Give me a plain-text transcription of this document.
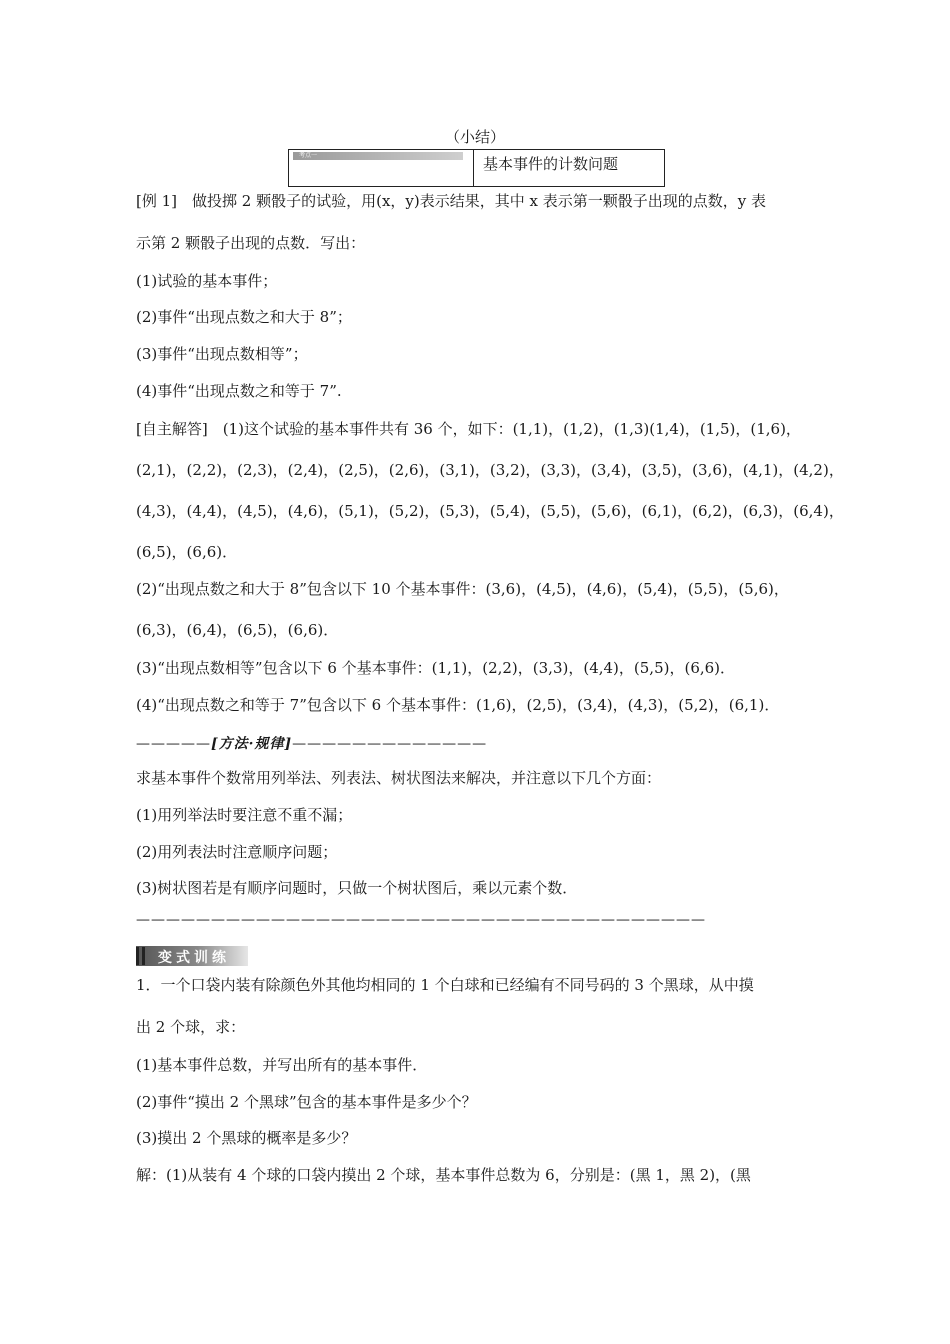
（小结）
考点一	基本事件的计数问题
[例 1]　做投掷 2 颗骰子的试验，用(x，y)表示结果，其中 x 表示第一颗骰子出现的点数，y 表
示第 2 颗骰子出现的点数．写出：
(1)试验的基本事件；
(2)事件“出现点数之和大于 8”；
(3)事件“出现点数相等”；
(4)事件“出现点数之和等于 7”.
[自主解答]　(1)这个试验的基本事件共有 36 个，如下：(1,1)，(1,2)，(1,3)(1,4)，(1,5)，(1,6)，
(2,1)，(2,2)，(2,3)，(2,4)，(2,5)，(2,6)，(3,1)，(3,2)，(3,3)，(3,4)，(3,5)，(3,6)，(4,1)，(4,2)，
(4,3)，(4,4)，(4,5)，(4,6)，(5,1)，(5,2)，(5,3)，(5,4)，(5,5)，(5,6)，(6,1)，(6,2)，(6,3)，(6,4)，
(6,5)，(6,6)．
(2)“出现点数之和大于 8”包含以下 10 个基本事件：(3,6)，(4,5)，(4,6)，(5,4)，(5,5)，(5,6)，
(6,3)，(6,4)，(6,5)，(6,6)．
(3)“出现点数相等”包含以下 6 个基本事件：(1,1)，(2,2)，(3,3)，(4,4)，(5,5)，(6,6)．
(4)“出现点数之和等于 7”包含以下 6 个基本事件：(1,6)，(2,5)，(3,4)，(4,3)，(5,2)，(6,1)．
—————[方法·规律]—————————————
求基本事件个数常用列举法、列表法、树状图法来解决，并注意以下几个方面：
(1)用列举法时要注意不重不漏；
(2)用列表法时注意顺序问题；
(3)树状图若是有顺序问题时，只做一个树状图后，乘以元素个数．
——————————————————————————————————————
变式训练
1．一个口袋内装有除颜色外其他均相同的 1 个白球和已经编有不同号码的 3 个黑球，从中摸
出 2 个球，求：
(1)基本事件总数，并写出所有的基本事件．
(2)事件“摸出 2 个黑球”包含的基本事件是多少个？
(3)摸出 2 个黑球的概率是多少？
解：(1)从装有 4 个球的口袋内摸出 2 个球，基本事件总数为 6，分别是：(黑 1，黑 2)，(黑
